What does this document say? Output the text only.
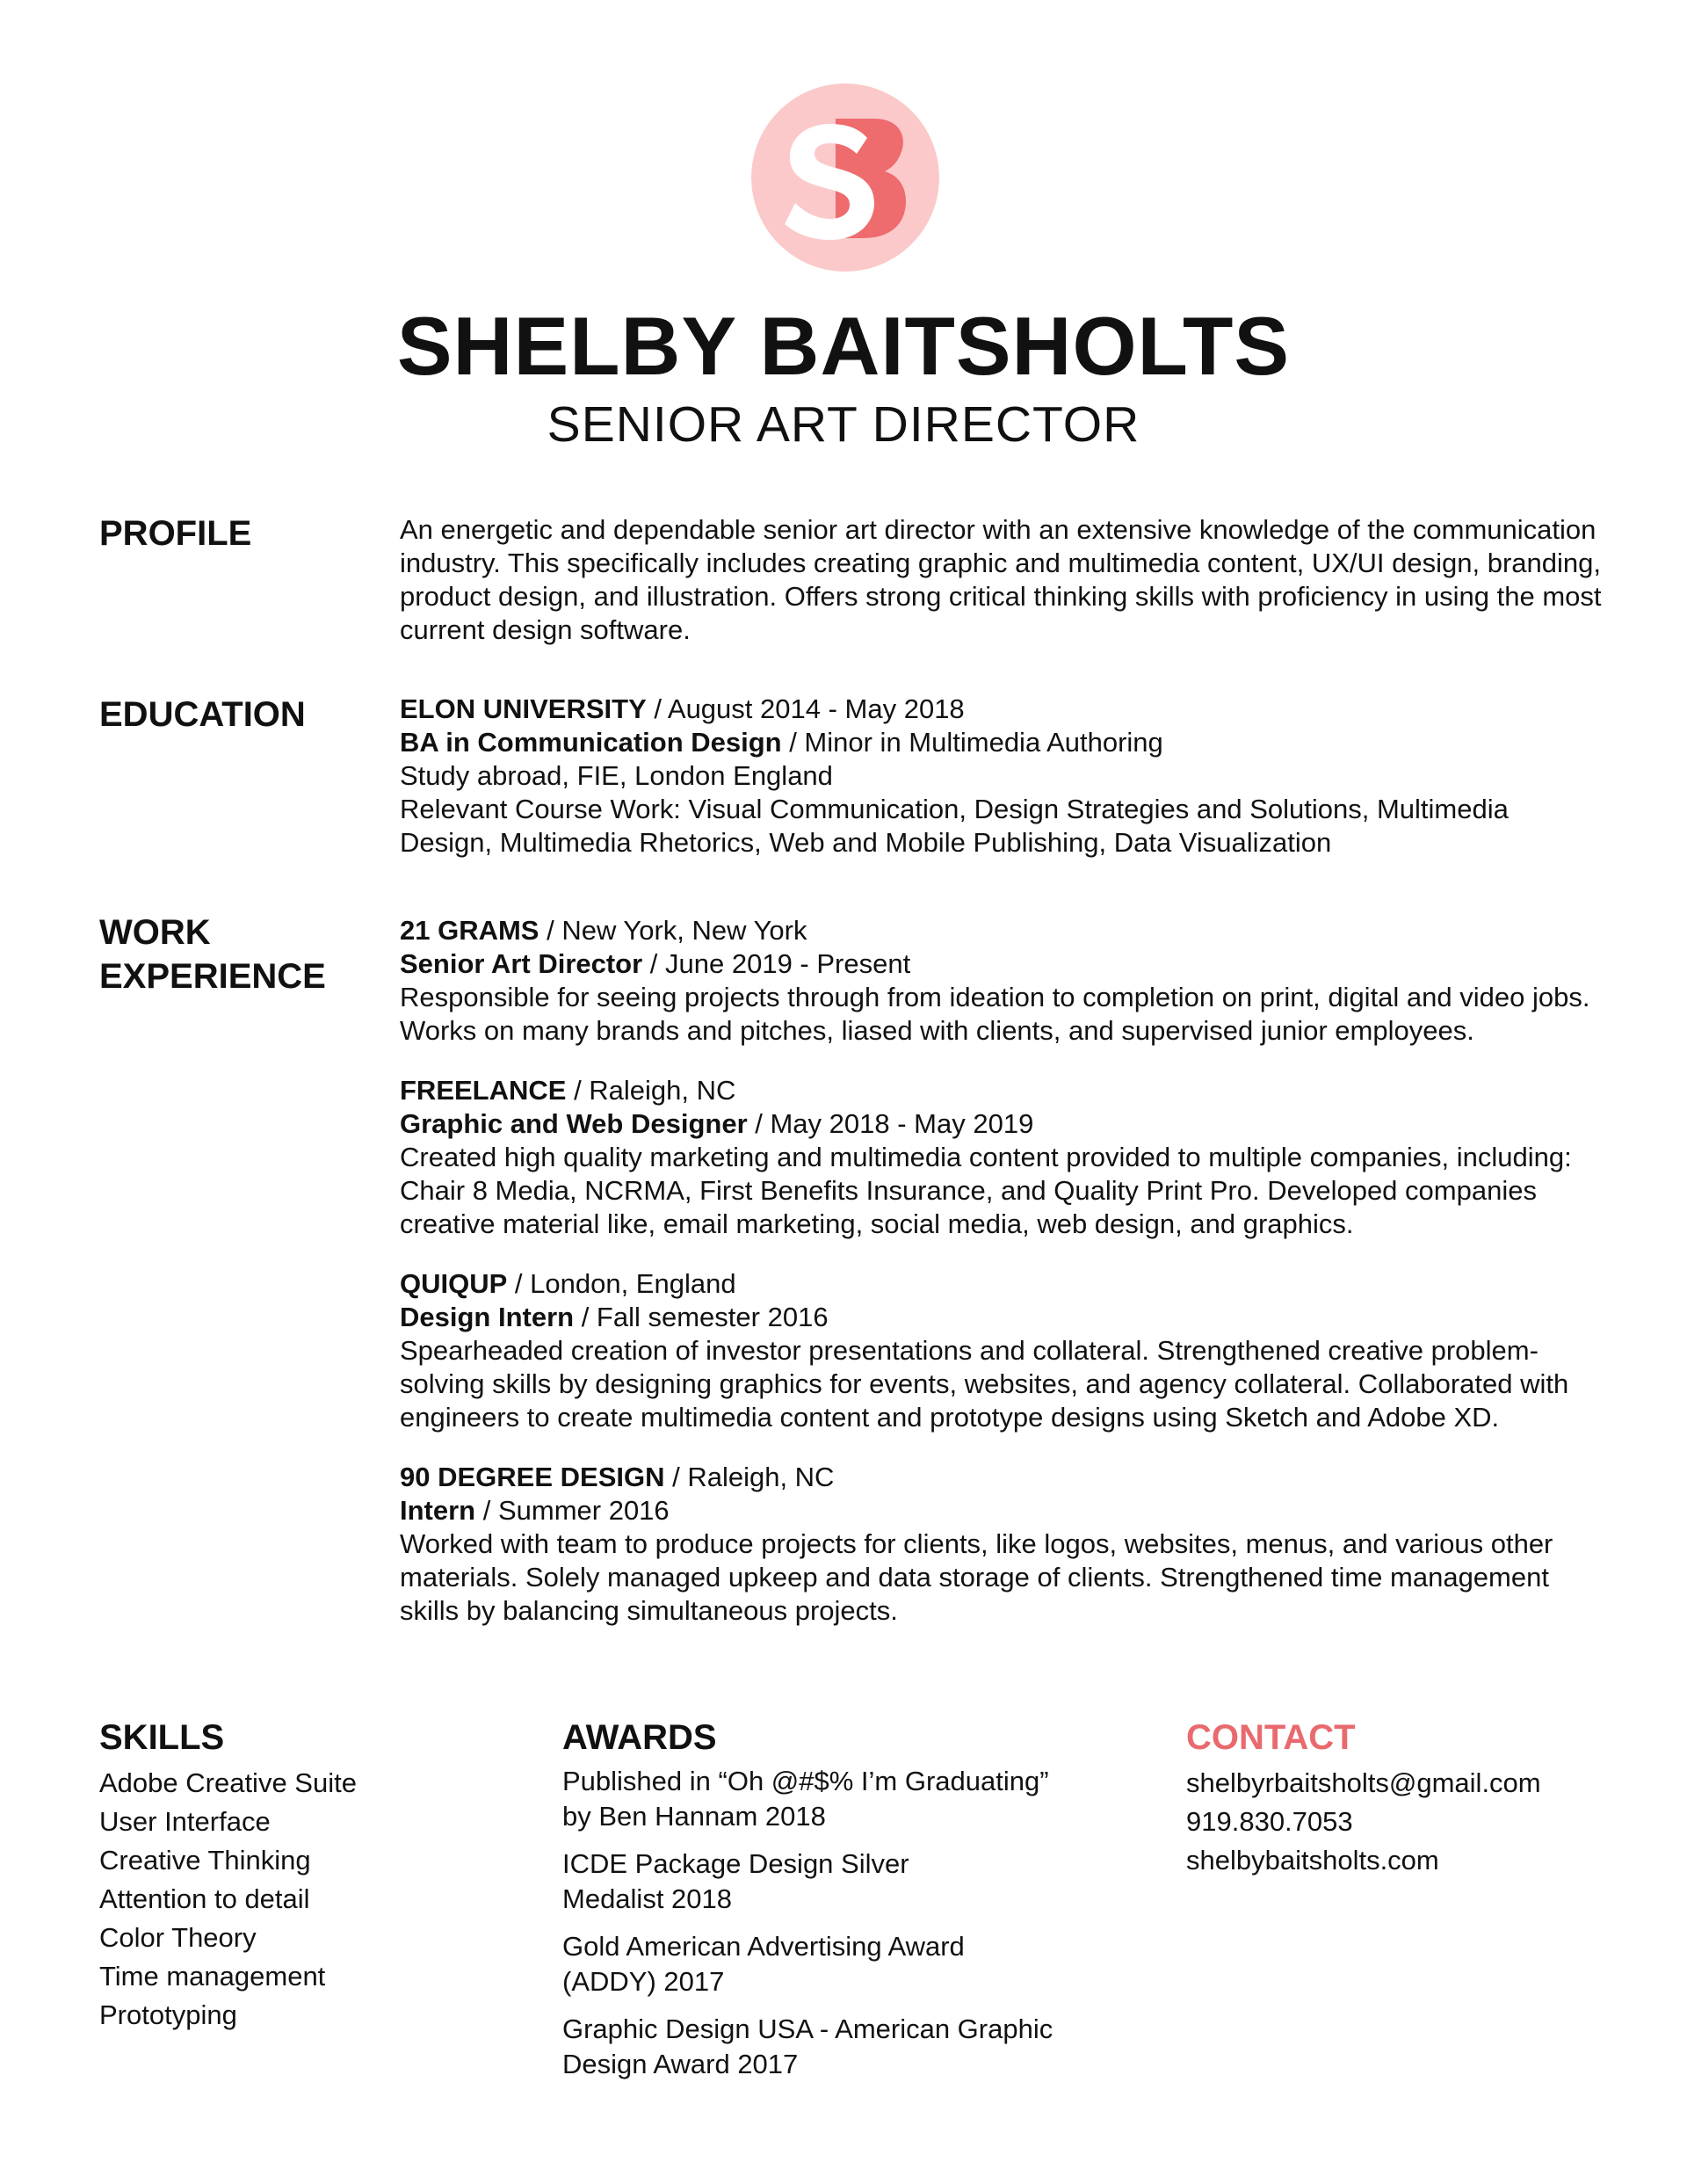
SHELBY BAITSHOLTS
SENIOR ART DIRECTOR
PROFILE	An energetic and dependable senior art director with an extensive knowledge of the communication industry. This specifically includes creating graphic and multimedia content, UX/UI design, branding, product design, and illustration. Offers strong critical thinking skills with proficiency in using the most current design software.

EDUCATION	ELON UNIVERSITY / August 2014 - May 2018

BA in Communication Design / Minor in Multimedia Authoring

Study abroad, FIE, London England

Relevant Course Work: Visual Communication, Design Strategies and Solutions, Multimedia Design, Multimedia Rhetorics, Web and Mobile Publishing, Data Visualization

WORK
EXPERIENCE

21 GRAMS / New York, New York

Senior Art Director / June 2019 - Present

Responsible for seeing projects through from ideation to completion on print, digital and video jobs. Works on many brands and pitches, liased with clients, and supervised junior employees.

FREELANCE / Raleigh, NC

Graphic and Web Designer / May 2018 - May 2019

Created high quality marketing and multimedia content provided to multiple companies, including: Chair 8 Media, NCRMA, First Benefits Insurance, and Quality Print Pro. Developed companies creative material like, email marketing, social media, web design, and graphics.

QUIQUP / London, England

Design Intern / Fall semester 2016

Spearheaded creation of investor presentations and collateral. Strengthened creative problem-solving skills by designing graphics for events, websites, and agency collateral. Collaborated with engineers to create multimedia content and prototype designs using Sketch and Adobe XD.

90 DEGREE DESIGN / Raleigh, NC

Intern / Summer 2016

Worked with team to produce projects for clients, like logos, websites, menus, and various other materials. Solely managed upkeep and data storage of clients. Strengthened time management skills by balancing simultaneous projects.

SKILLS
Adobe Creative Suite
User Interface
Creative Thinking
Attention to detail
Color Theory
Time management
Prototyping
AWARDS
Published in “Oh @#$% I’m Graduating”
by Ben Hannam 2018
ICDE Package Design Silver
Medalist 2018
Gold American Advertising Award
(ADDY) 2017
Graphic Design USA - American Graphic
Design Award 2017
CONTACT
shelbyrbaitsholts@gmail.com
919.830.7053
shelbybaitsholts.com
